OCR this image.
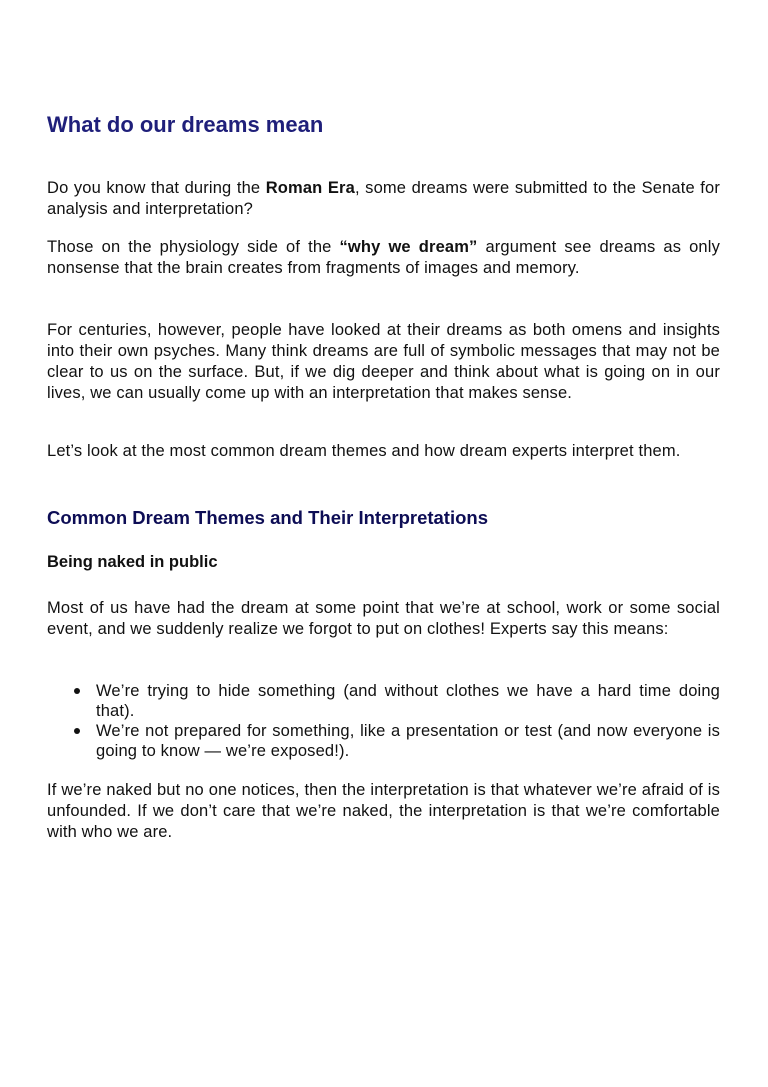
What do our dreams mean

Do you know that during the Roman Era, some dreams were submitted to the Senate for analysis and interpretation?

Those on the physiology side of the “why we dream” argument see dreams as only nonsense that the brain creates from fragments of images and memory.

For centuries, however, people have looked at their dreams as both omens and insights into their own psyches. Many think dreams are full of symbolic messages that may not be clear to us on the surface. But, if we dig deeper and think about what is going on in our lives, we can usually come up with an interpretation that makes sense.

Let’s look at the most common dream themes and how dream experts interpret them.

Common Dream Themes and Their Interpretations
Being naked in public

Most of us have had the dream at some point that we’re at school, work or some social event, and we suddenly realize we forgot to put on clothes! Experts say this means:

We’re trying to hide something (and without clothes we have a hard time doing that).
We’re not prepared for something, like a presentation or test (and now everyone is going to know — we’re exposed!).

If we’re naked but no one notices, then the interpretation is that whatever we’re afraid of is unfounded. If we don’t care that we’re naked, the interpretation is that we’re comfortable with who we are.
